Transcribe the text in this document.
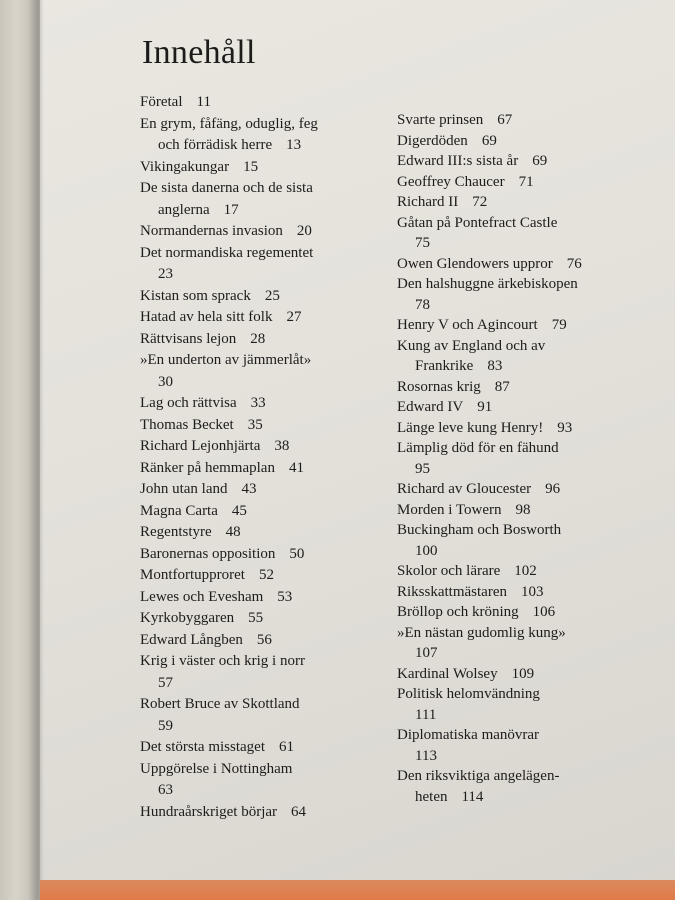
Innehåll
Företal 11
En grym, fåfäng, oduglig, feg
och förrädisk herre 13
Vikingakungar 15
De sista danerna och de sista
anglerna 17
Normandernas invasion 20
Det normandiska regementet
23
Kistan som sprack 25
Hatad av hela sitt folk 27
Rättvisans lejon 28
»En underton av jämmerlåt»
30
Lag och rättvisa 33
Thomas Becket 35
Richard Lejonhjärta 38
Ränker på hemmaplan 41
John utan land 43
Magna Carta 45
Regentstyre 48
Baronernas opposition 50
Montfortupproret 52
Lewes och Evesham 53
Kyrkobyggaren 55
Edward Långben 56
Krig i väster och krig i norr
57
Robert Bruce av Skottland
59
Det största misstaget 61
Uppgörelse i Nottingham
63
Hundraårskriget börjar 64
Svarte prinsen 67
Digerdöden 69
Edward III:s sista år 69
Geoffrey Chaucer 71
Richard II 72
Gåtan på Pontefract Castle
75
Owen Glendowers uppror 76
Den halshuggne ärkebiskopen
78
Henry V och Agincourt 79
Kung av England och av
Frankrike 83
Rosornas krig 87
Edward IV 91
Länge leve kung Henry! 93
Lämplig död för en fähund
95
Richard av Gloucester 96
Morden i Towern 98
Buckingham och Bosworth
100
Skolor och lärare 102
Riksskattmästaren 103
Bröllop och kröning 106
»En nästan gudomlig kung»
107
Kardinal Wolsey 109
Politisk helomvändning
111
Diplomatiska manövrar
113
Den riksviktiga angelägen-
heten 114
